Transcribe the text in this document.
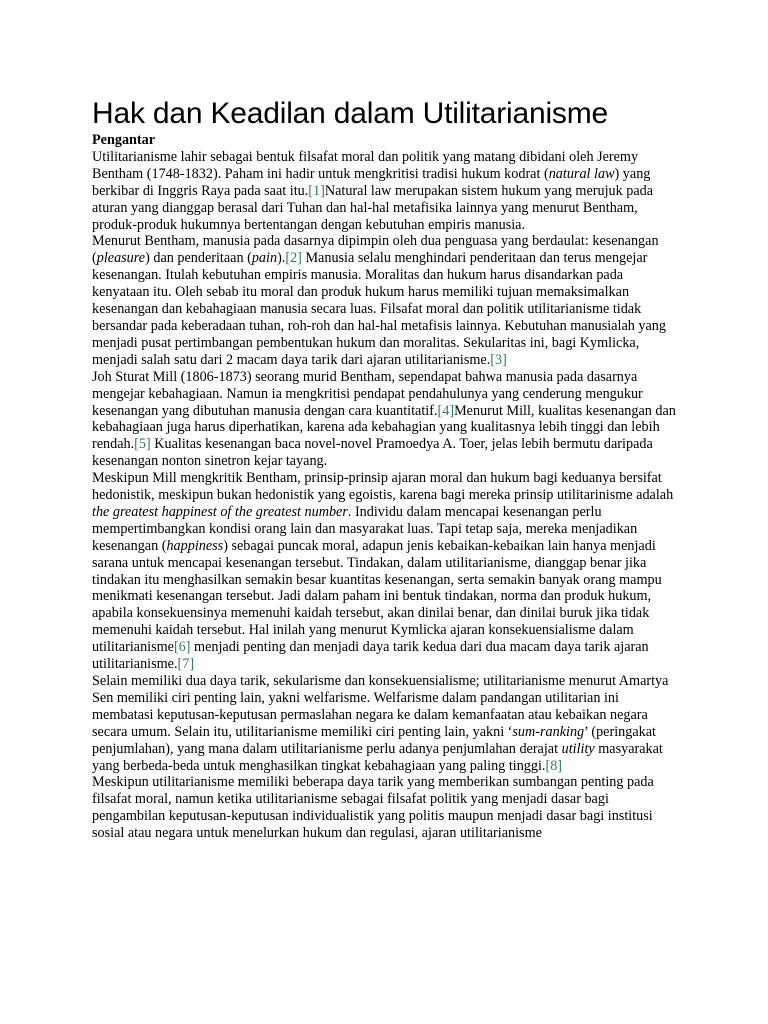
Hak dan Keadilan dalam Utilitarianisme
Pengantar

Utilitarianisme lahir sebagai bentuk filsafat moral dan politik yang matang dibidani oleh Jeremy Bentham (1748-1832). Paham ini hadir untuk mengkritisi tradisi hukum kodrat (natural law) yang berkibar di Inggris Raya pada saat itu.[1]Natural law merupakan sistem hukum yang merujuk pada aturan yang dianggap berasal dari Tuhan dan hal-hal metafisika lainnya yang menurut Bentham, produk-produk hukumnya bertentangan dengan kebutuhan empiris manusia.

Menurut Bentham, manusia pada dasarnya dipimpin oleh dua penguasa yang berdaulat: kesenangan (pleasure) dan penderitaan (pain).[2] Manusia selalu menghindari penderitaan dan terus mengejar kesenangan. Itulah kebutuhan empiris manusia. Moralitas dan hukum harus disandarkan pada kenyataan itu. Oleh sebab itu moral dan produk hukum harus memiliki tujuan memaksimalkan kesenangan dan kebahagiaan manusia secara luas. Filsafat moral dan politik utilitarianisme tidak bersandar pada keberadaan tuhan, roh-roh dan hal-hal metafisis lainnya. Kebutuhan manusialah yang menjadi pusat pertimbangan pembentukan hukum dan moralitas. Sekularitas ini, bagi Kymlicka, menjadi salah satu dari 2 macam daya tarik dari ajaran utilitarianisme.[3]

Joh Sturat Mill (1806-1873) seorang murid Bentham, sependapat bahwa manusia pada dasarnya mengejar kebahagiaan. Namun ia mengkritisi pendapat pendahulunya yang cenderung mengukur kesenangan yang dibutuhan manusia dengan cara kuantitatif.[4]Menurut Mill, kualitas kesenangan dan kebahagiaan juga harus diperhatikan, karena ada kebahagian yang kualitasnya lebih tinggi dan lebih rendah.[5] Kualitas kesenangan baca novel-novel Pramoedya A. Toer, jelas lebih bermutu daripada kesenangan nonton sinetron kejar tayang.

Meskipun Mill mengkritik Bentham, prinsip-prinsip ajaran moral dan hukum bagi keduanya bersifat hedonistik, meskipun bukan hedonistik yang egoistis, karena bagi mereka prinsip utilitarinisme adalah the greatest happinest of the greatest number. Individu dalam mencapai kesenangan perlu mempertimbangkan kondisi orang lain dan masyarakat luas. Tapi tetap saja, mereka menjadikan kesenangan (happiness) sebagai puncak moral, adapun jenis kebaikan-kebaikan lain hanya menjadi sarana untuk mencapai kesenangan tersebut. Tindakan, dalam utilitarianisme, dianggap benar jika tindakan itu menghasilkan semakin besar kuantitas kesenangan, serta semakin banyak orang mampu menikmati kesenangan tersebut. Jadi dalam paham ini bentuk tindakan, norma dan produk hukum, apabila konsekuensinya memenuhi kaidah tersebut, akan dinilai benar, dan dinilai buruk jika tidak memenuhi kaidah tersebut. Hal inilah yang menurut Kymlicka ajaran konsekuensialisme dalam utilitarianisme[6] menjadi penting dan menjadi daya tarik kedua dari dua macam daya tarik ajaran utilitarianisme.[7]

Selain memiliki dua daya tarik, sekularisme dan konsekuensialisme; utilitarianisme menurut Amartya Sen memiliki ciri penting lain, yakni welfarisme. Welfarisme dalam pandangan utilitarian ini membatasi keputusan-keputusan permaslahan negara ke dalam kemanfaatan atau kebaikan negara secara umum. Selain itu, utilitarianisme memiliki ciri penting lain, yakni ‘sum-ranking’ (peringakat penjumlahan), yang mana dalam utilitarianisme perlu adanya penjumlahan derajat utility masyarakat yang berbeda-beda untuk menghasilkan tingkat kebahagiaan yang paling tinggi.[8]

Meskipun utilitarianisme memiliki beberapa daya tarik yang memberikan sumbangan penting pada filsafat moral, namun ketika utilitarianisme sebagai filsafat politik yang menjadi dasar bagi pengambilan keputusan-keputusan individualistik yang politis maupun menjadi dasar bagi institusi sosial atau negara untuk menelurkan hukum dan regulasi, ajaran utilitarianisme
